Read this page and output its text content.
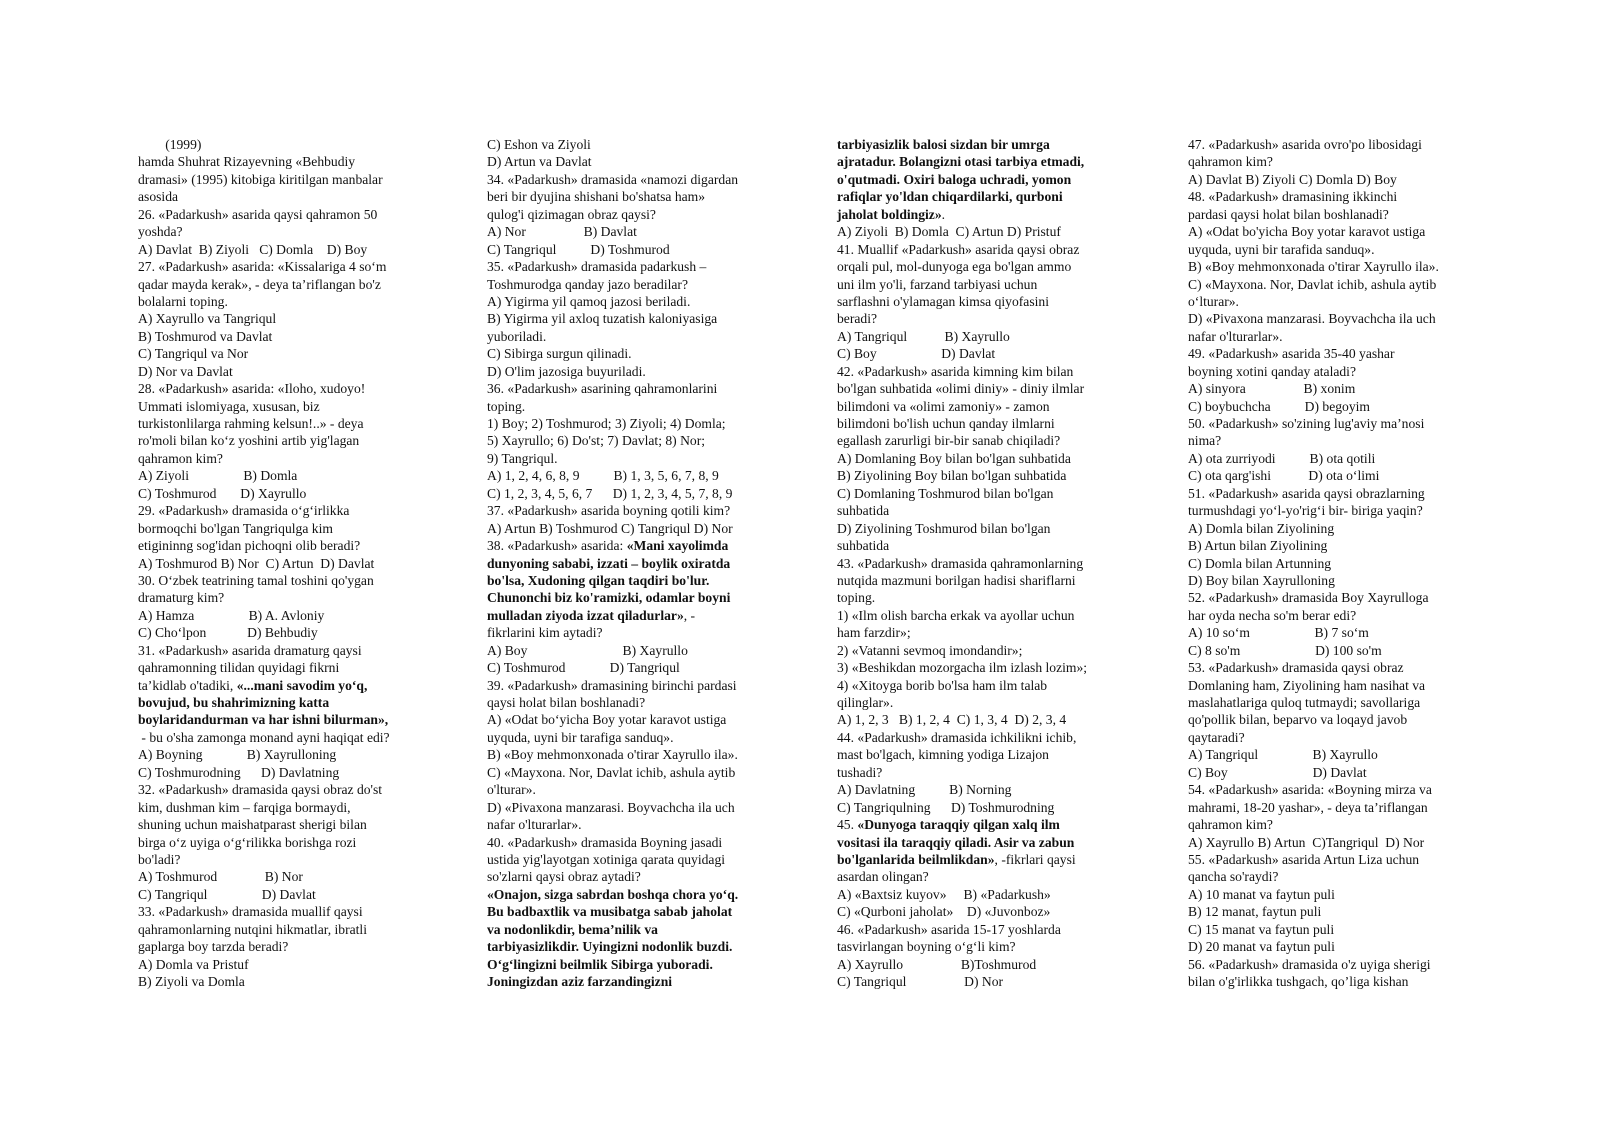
(1999)
hamda Shuhrat Rizayevning «Behbudiy
dramasi» (1995) kitobiga kiritilgan manbalar
asosida
26. «Padarkush» asarida qaysi qahramon 50
yoshda?
A) Davlat  B) Ziyoli   C) Domla    D) Boy
27. «Padarkush» asarida: «Kissalariga 4 so‘m
qadar mayda kerak», - deya ta’riflangan bo'z
bolalarni toping.
A) Xayrullo va Tangriqul
B) Toshmurod va Davlat
C) Tangriqul va Nor
D) Nor va Davlat
28. «Padarkush» asarida: «Iloho, xudoyo!
Ummati islomiyaga, xususan, biz
turkistonlilarga rahming kelsun!..» - deya
ro'moli bilan ko‘z yoshini artib yig'lagan
qahramon kim?
A) Ziyoli                B) Domla
C) Toshmurod       D) Xayrullo
29. «Padarkush» dramasida o‘g‘irlikka
bormoqchi bo'lgan Tangriqulga kim
etigininng sog'idan pichoqni olib beradi?
A) Toshmurod B) Nor  C) Artun  D) Davlat
30. O‘zbek teatrining tamal toshini qo'ygan
dramaturg kim?
A) Hamza                B) A. Avloniy
C) Cho‘lpon            D) Behbudiy
31. «Padarkush» asarida dramaturg qaysi
qahramonning tilidan quyidagi fikrni
ta’kidlab o'tadiki, «...mani savodim yo‘q,
bovujud, bu shahrimizning katta
boylaridandurman va har ishni bilurman»,
- bu o'sha zamonga monand ayni haqiqat edi?
A) Boyning             B) Xayrulloning
C) Toshmurodning      D) Davlatning
32. «Padarkush» dramasida qaysi obraz do'st
kim, dushman kim – farqiga bormaydi,
shuning uchun maishatparast sherigi bilan
birga o‘z uyiga o‘g‘rilikka borishga rozi
bo'ladi?
A) Toshmurod              B) Nor
C) Tangriqul                D) Davlat
33. «Padarkush» dramasida muallif qaysi
qahramonlarning nutqini hikmatlar, ibratli
gaplarga boy tarzda beradi?
A) Domla va Pristuf
B) Ziyoli va Domla
C) Eshon va Ziyoli
D) Artun va Davlat
34. «Padarkush» dramasida «namozi digardan
beri bir dyujina shishani bo'shatsa ham»
qulog'i qizimagan obraz qaysi?
A) Nor                 B) Davlat
C) Tangriqul          D) Toshmurod
35. «Padarkush» dramasida padarkush –
Toshmurodga qanday jazo beradilar?
A) Yigirma yil qamoq jazosi beriladi.
B) Yigirma yil axloq tuzatish kaloniyasiga
yuboriladi.
C) Sibirga surgun qilinadi.
D) O'lim jazosiga buyuriladi.
36. «Padarkush» asarining qahramonlarini
toping.
1) Boy; 2) Toshmurod; 3) Ziyoli; 4) Domla;
5) Xayrullo; 6) Do'st; 7) Davlat; 8) Nor;
9) Tangriqul.
A) 1, 2, 4, 6, 8, 9          B) 1, 3, 5, 6, 7, 8, 9
C) 1, 2, 3, 4, 5, 6, 7      D) 1, 2, 3, 4, 5, 7, 8, 9
37. «Padarkush» asarida boyning qotili kim?
A) Artun B) Toshmurod C) Tangriqul D) Nor
38. «Padarkush» asarida: «Mani xayolimda
dunyoning sababi, izzati – boylik oxiratda
bo'lsa, Xudoning qilgan taqdiri bo'lur.
Chunonchi biz ko'ramizki, odamlar boyni
mulladan ziyoda izzat qiladurlar», -
fikrlarini kim aytadi?
A) Boy                            B) Xayrullo
C) Toshmurod             D) Tangriqul
39. «Padarkush» dramasining birinchi pardasi
qaysi holat bilan boshlanadi?
A) «Odat bo‘yicha Boy yotar karavot ustiga
uyquda, uyni bir tarafiga sanduq».
B) «Boy mehmonxonada o'tirar Xayrullo ila».
C) «Mayxona. Nor, Davlat ichib, ashula aytib
o'lturar».
D) «Pivaxona manzarasi. Boyvachcha ila uch
nafar o'lturarlar».
40. «Padarkush» dramasida Boyning jasadi
ustida yig'layotgan xotiniga qarata quyidagi
so'zlarni qaysi obraz aytadi?
«Onajon, sizga sabrdan boshqa chora yo‘q.
Bu badbaxtlik va musibatga sabab jaholat
va nodonlikdir, bema’nilik va
tarbiyasizlikdir. Uyingizni nodonlik buzdi.
O‘g‘lingizni beilmlik Sibirga yuboradi.
Joningizdan aziz farzandingizni
tarbiyasizlik balosi sizdan bir umrga
ajratadur. Bolangizni otasi tarbiya etmadi,
o'qutmadi. Oxiri baloga uchradi, yomon
rafiqlar yo'ldan chiqardilarki, qurboni
jaholat boldingiz».
A) Ziyoli  B) Domla  C) Artun D) Pristuf
41. Muallif «Padarkush» asarida qaysi obraz
orqali pul, mol-dunyoga ega bo'lgan ammo
uni ilm yo'li, farzand tarbiyasi uchun
sarflashni o'ylamagan kimsa qiyofasini
beradi?
A) Tangriqul           B) Xayrullo
C) Boy                   D) Davlat
42. «Padarkush» asarida kimning kim bilan
bo'lgan suhbatida «olimi diniy» - diniy ilmlar
bilimdoni va «olimi zamoniy» - zamon
bilimdoni bo'lish uchun qanday ilmlarni
egallash zarurligi bir-bir sanab chiqiladi?
A) Domlaning Boy bilan bo'lgan suhbatida
B) Ziyolining Boy bilan bo'lgan suhbatida
C) Domlaning Toshmurod bilan bo'lgan
suhbatida
D) Ziyolining Toshmurod bilan bo'lgan
suhbatida
43. «Padarkush» dramasida qahramonlarning
nutqida mazmuni borilgan hadisi shariflarni
toping.
1) «Ilm olish barcha erkak va ayollar uchun
ham farzdir»;
2) «Vatanni sevmoq imondandir»;
3) «Beshikdan mozorgacha ilm izlash lozim»;
4) «Xitoyga borib bo'lsa ham ilm talab
qilinglar».
A) 1, 2, 3   B) 1, 2, 4  C) 1, 3, 4  D) 2, 3, 4
44. «Padarkush» dramasida ichkilikni ichib,
mast bo'lgach, kimning yodiga Lizajon
tushadi?
A) Davlatning          B) Norning
C) Tangriqulning      D) Toshmurodning
45. «Dunyoga taraqqiy qilgan xalq ilm
vositasi ila taraqqiy qiladi. Asir va zabun
bo'lganlarida beilmlikdan», -fikrlari qaysi
asardan olingan?
A) «Baxtsiz kuyov»     B) «Padarkush»
C) «Qurboni jaholat»    D) «Juvonboz»
46. «Padarkush» asarida 15-17 yoshlarda
tasvirlangan boyning o‘g‘li kim?
A) Xayrullo                 B)Toshmurod
C) Tangriqul                 D) Nor
47. «Padarkush» asarida ovro'po libosidagi
qahramon kim?
A) Davlat B) Ziyoli C) Domla D) Boy
48. «Padarkush» dramasining ikkinchi
pardasi qaysi holat bilan boshlanadi?
A) «Odat bo'yicha Boy yotar karavot ustiga
uyquda, uyni bir tarafida sanduq».
B) «Boy mehmonxonada o'tirar Xayrullo ila».
C) «Mayxona. Nor, Davlat ichib, ashula aytib
o‘lturar».
D) «Pivaxona manzarasi. Boyvachcha ila uch
nafar o'lturarlar».
49. «Padarkush» asarida 35-40 yashar
boyning xotini qanday ataladi?
A) sinyora                 B) xonim
C) boybuchcha          D) begoyim
50. «Padarkush» so'zining lug'aviy ma’nosi
nima?
A) ota zurriyodi          B) ota qotili
C) ota qarg'ishi           D) ota o‘limi
51. «Padarkush» asarida qaysi obrazlarning
turmushdagi yo‘l-yo'rig‘i bir- biriga yaqin?
A) Domla bilan Ziyolining
B) Artun bilan Ziyolining
C) Domla bilan Artunning
D) Boy bilan Xayrulloning
52. «Padarkush» dramasida Boy Xayrulloga
har oyda necha so'm berar edi?
A) 10 so‘m                   B) 7 so‘m
C) 8 so'm                      D) 100 so'm
53. «Padarkush» dramasida qaysi obraz
Domlaning ham, Ziyolining ham nasihat va
maslahatlariga quloq tutmaydi; savollariga
qo'pollik bilan, beparvo va loqayd javob
qaytaradi?
A) Tangriqul                B) Xayrullo
C) Boy                         D) Davlat
54. «Padarkush» asarida: «Boyning mirza va
mahrami, 18-20 yashar», - deya ta’riflangan
qahramon kim?
A) Xayrullo B) Artun  C)Tangriqul  D) Nor
55. «Padarkush» asarida Artun Liza uchun
qancha so'raydi?
A) 10 manat va faytun puli
B) 12 manat, faytun puli
C) 15 manat va faytun puli
D) 20 manat va faytun puli
56. «Padarkush» dramasida o'z uyiga sherigi
bilan o'g'irlikka tushgach, qo’liga kishan
